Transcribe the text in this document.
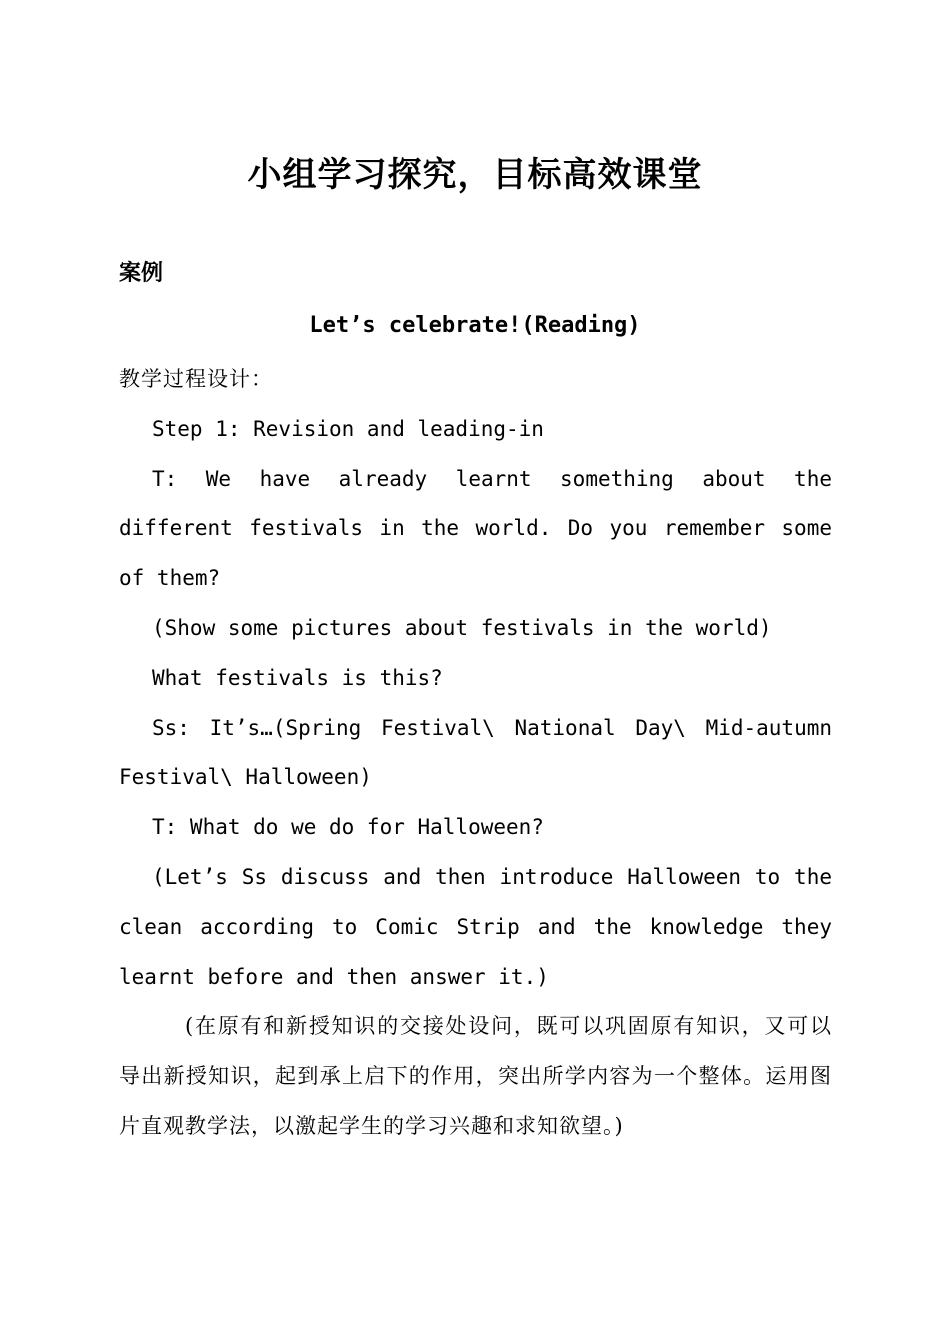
小组学习探究，目标高效课堂
案例
Let’s celebrate!(Reading)

教学过程设计：

Step 1: Revision and leading-in

T: We have already learnt something about the different festivals in the world. Do you remember some of them?

(Show some pictures about festivals in the world)

What festivals is this?

Ss: It’s…(Spring Festival\ National Day\ Mid-autumn Festival\ Halloween)

T: What do we do for Halloween?

(Let’s Ss discuss and then introduce Halloween to the clean according to Comic Strip and the knowledge they learnt before and then answer it.)

(在原有和新授知识的交接处设问，既可以巩固原有知识，又可以导出新授知识，起到承上启下的作用，突出所学内容为一个整体。运用图片直观教学法，以激起学生的学习兴趣和求知欲望。)
